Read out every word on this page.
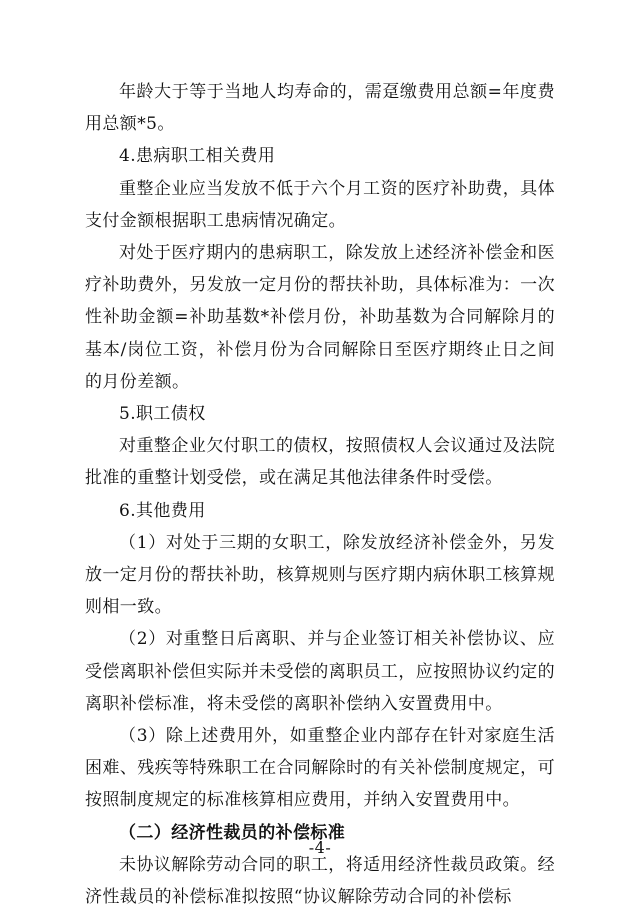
年龄大于等于当地人均寿命的，需趸缴费用总额=年度费用总额*5。

4.患病职工相关费用

重整企业应当发放不低于六个月工资的医疗补助费，具体支付金额根据职工患病情况确定。

对处于医疗期内的患病职工，除发放上述经济补偿金和医疗补助费外，另发放一定月份的帮扶补助，具体标准为：一次性补助金额=补助基数*补偿月份，补助基数为合同解除月的基本/岗位工资，补偿月份为合同解除日至医疗期终止日之间的月份差额。

5.职工债权

对重整企业欠付职工的债权，按照债权人会议通过及法院批准的重整计划受偿，或在满足其他法律条件时受偿。

6.其他费用

（1）对处于三期的女职工，除发放经济补偿金外，另发放一定月份的帮扶补助，核算规则与医疗期内病休职工核算规则相一致。

（2）对重整日后离职、并与企业签订相关补偿协议、应受偿离职补偿但实际并未受偿的离职员工，应按照协议约定的离职补偿标准，将未受偿的离职补偿纳入安置费用中。

（3）除上述费用外，如重整企业内部存在针对家庭生活困难、残疾等特殊职工在合同解除时的有关补偿制度规定，可按照制度规定的标准核算相应费用，并纳入安置费用中。

（二）经济性裁员的补偿标准

未协议解除劳动合同的职工，将适用经济性裁员政策。经济性裁员的补偿标准拟按照“协议解除劳动合同的补偿标

-4-
